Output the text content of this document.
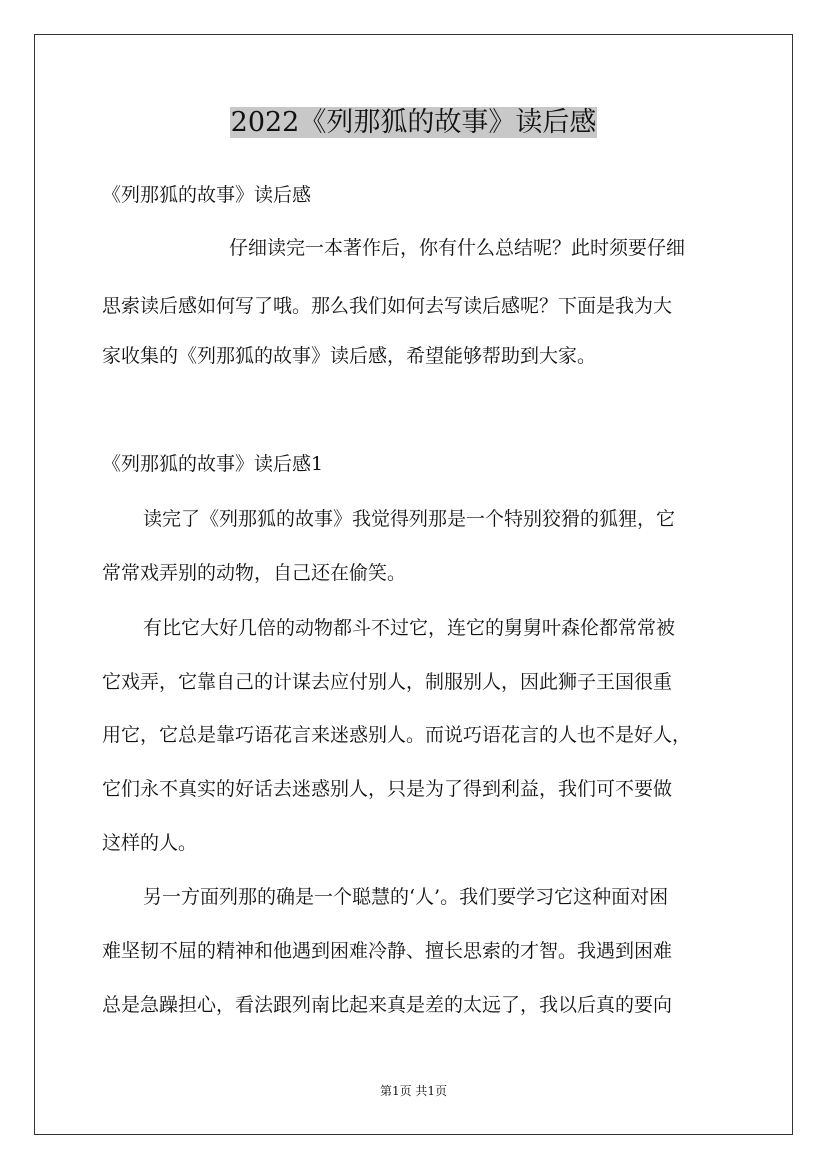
2022《列那狐的故事》读后感
《列那狐的故事》读后感
仔细读完一本著作后，你有什么总结呢？此时须要仔细
思索读后感如何写了哦。那么我们如何去写读后感呢？下面是我为大
家收集的《列那狐的故事》读后感，希望能够帮助到大家。
《列那狐的故事》读后感1
读完了《列那狐的故事》我觉得列那是一个特别狡猾的狐狸，它
常常戏弄别的动物，自己还在偷笑。
有比它大好几倍的动物都斗不过它，连它的舅舅叶森伦都常常被
它戏弄，它靠自己的计谋去应付别人，制服别人，因此狮子王国很重
用它，它总是靠巧语花言来迷惑别人。而说巧语花言的人也不是好人，
它们永不真实的好话去迷惑别人，只是为了得到利益，我们可不要做
这样的人。
另一方面列那的确是一个聪慧的‘人’。我们要学习它这种面对困
难坚韧不屈的精神和他遇到困难冷静、擅长思索的才智。我遇到困难
总是急躁担心，看法跟列南比起来真是差的太远了，我以后真的要向
第1页 共1页
